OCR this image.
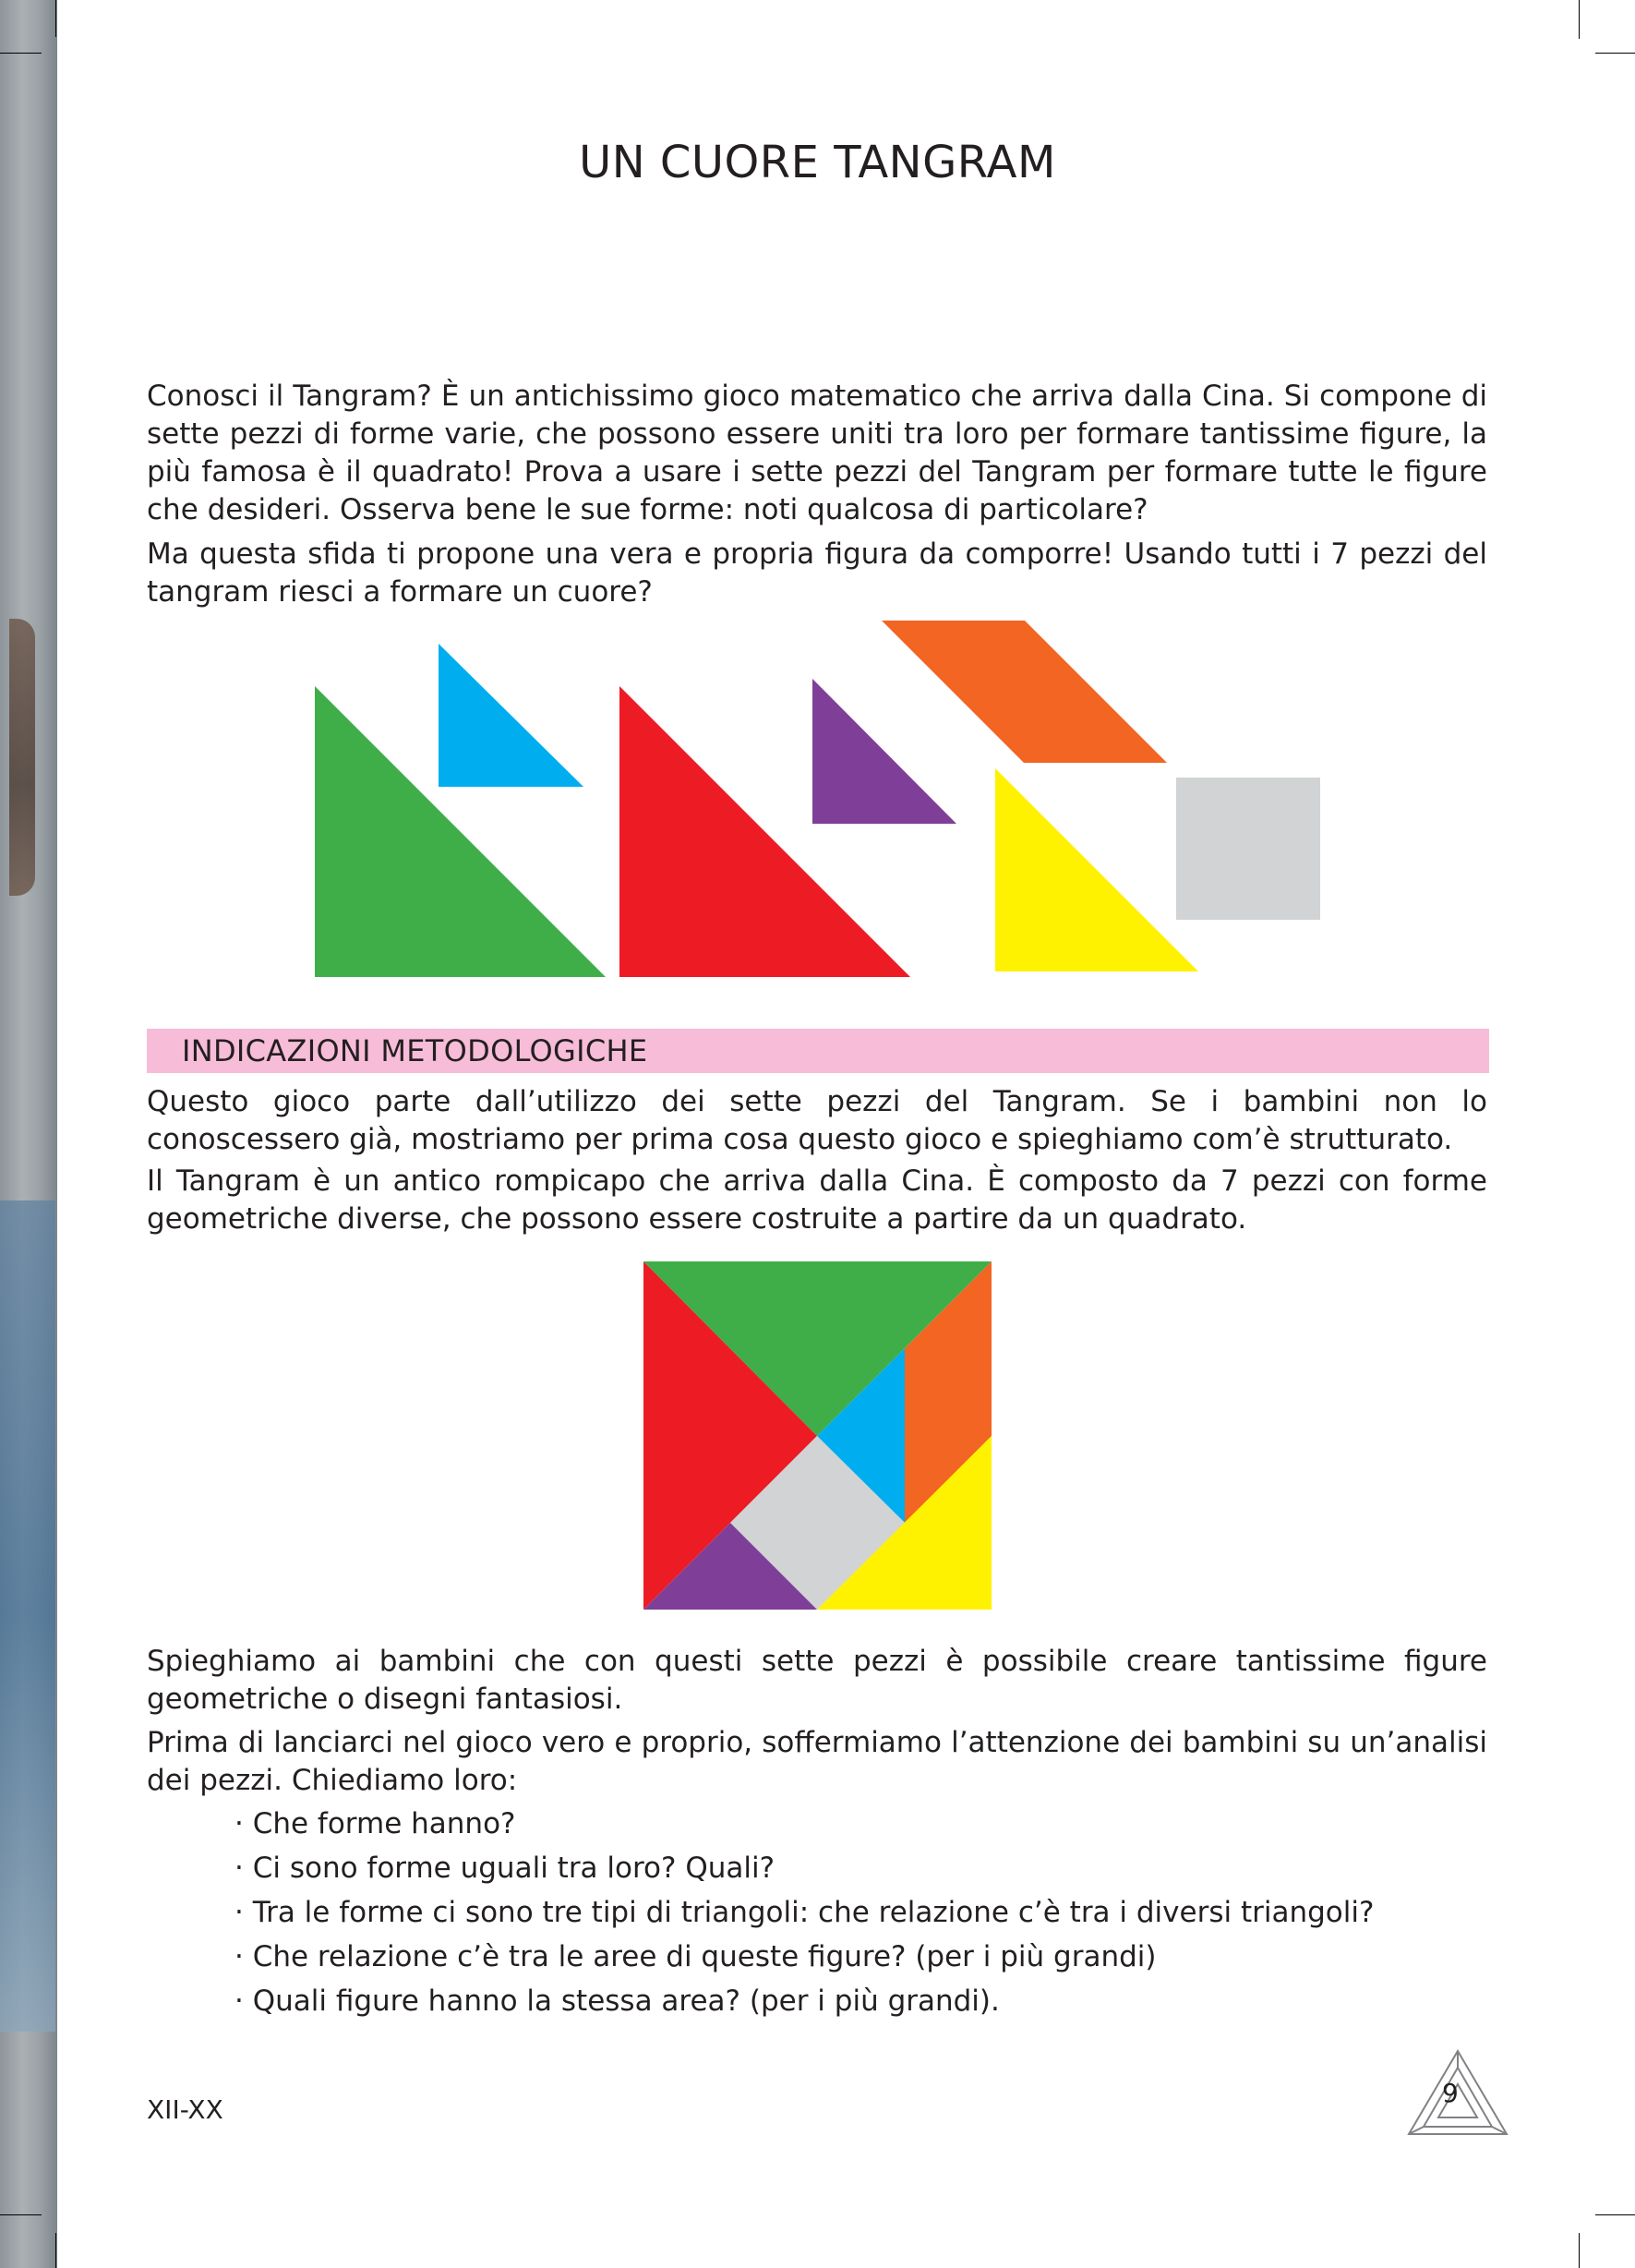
UN CUORE TANGRAM

Conosci il Tangram? È un antichissimo gioco matematico che arriva dalla Cina. Si compone di sette pezzi di forme varie, che possono essere uniti tra loro per formare tantissime figure, la più famosa è il quadrato! Prova a usare i sette pezzi del Tangram per formare tutte le figure che desideri. Osserva bene le sue forme: noti qualcosa di particolare?

Ma questa sfida ti propone una vera e propria figura da comporre! Usando tutti i 7 pezzi del tangram riesci a formare un cuore?

INDICAZIONI METODOLOGICHE

Questo gioco parte dall’utilizzo dei sette pezzi del Tangram. Se i bambini non lo conoscessero già, mostriamo per prima cosa questo gioco e spieghiamo com’è strutturato.

Il Tangram è un antico rompicapo che arriva dalla Cina. È composto da 7 pezzi con forme geometriche diverse, che possono essere costruite a partire da un quadrato.

Spieghiamo ai bambini che con questi sette pezzi è possibile creare tantissime figure geometriche o disegni fantasiosi.

Prima di lanciarci nel gioco vero e proprio, soffermiamo l’attenzione dei bambini su un’analisi dei pezzi. Chiediamo loro:

· Che forme hanno?
· Ci sono forme uguali tra loro? Quali?
· Tra le forme ci sono tre tipi di triangoli: che relazione c’è tra i diversi triangoli?
· Che relazione c’è tra le aree di queste figure? (per i più grandi)
· Quali figure hanno la stessa area? (per i più grandi).
XII-XX
9
